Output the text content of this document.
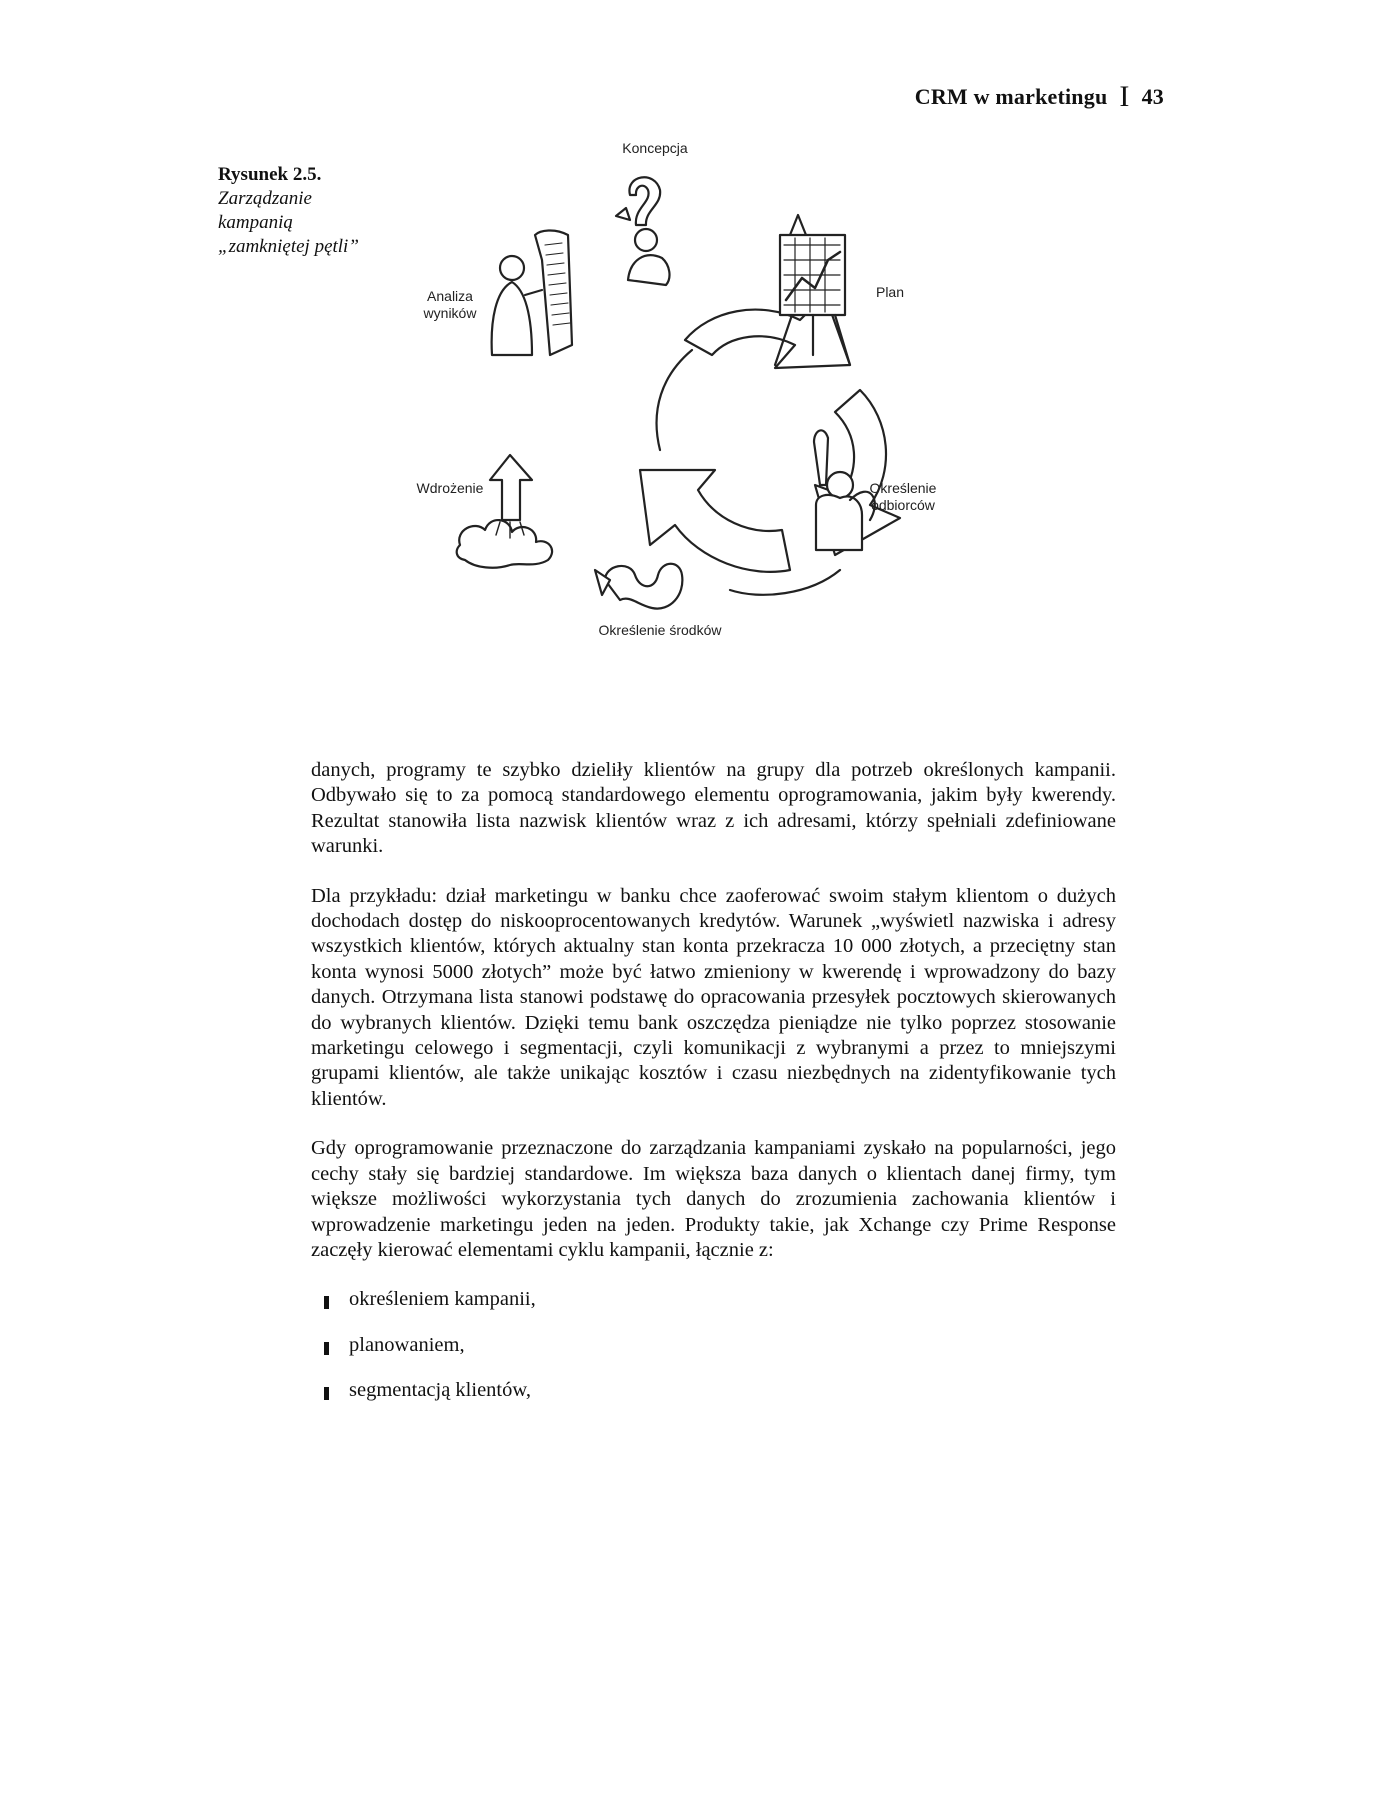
CRM w marketingu I 43
Rysunek 2.5.
Zarządzanie
kampanią
„zamkniętej pętli”
Koncepcja
Plan
Określenie
odbiorców
Określenie środków
Wdrożenie
Analiza
wyników

danych, programy te szybko dzieliły klientów na grupy dla potrzeb określonych kampanii. Odbywało się to za pomocą standardowego elementu oprogramowania, jakim były kwerendy. Rezultat stanowiła lista nazwisk klientów wraz z ich adresami, którzy spełniali zdefiniowane warunki.

Dla przykładu: dział marketingu w banku chce zaoferować swoim stałym klientom o dużych dochodach dostęp do niskooprocentowanych kredytów. Warunek „wyświetl nazwiska i adresy wszystkich klientów, których aktualny stan konta przekracza 10 000 złotych, a przeciętny stan konta wynosi 5000 złotych” może być łatwo zmieniony w kwerendę i wprowadzony do bazy danych. Otrzymana lista stanowi podstawę do opracowania przesyłek pocztowych skierowanych do wybranych klientów. Dzięki temu bank oszczędza pieniądze nie tylko poprzez stosowanie marketingu celowego i segmentacji, czyli komunikacji z wybranymi a przez to mniejszymi grupami klientów, ale także unikając kosztów i czasu niezbędnych na zidentyfikowanie tych klientów.

Gdy oprogramowanie przeznaczone do zarządzania kampaniami zyskało na popularności, jego cechy stały się bardziej standardowe. Im większa baza danych o klientach danej firmy, tym większe możliwości wykorzystania tych danych do zrozumienia zachowania klientów i wprowadzenie marketingu jeden na jeden. Produkty takie, jak Xchange czy Prime Response zaczęły kierować elementami cyklu kampanii, łącznie z:

określeniem kampanii,
planowaniem,
segmentacją klientów,
